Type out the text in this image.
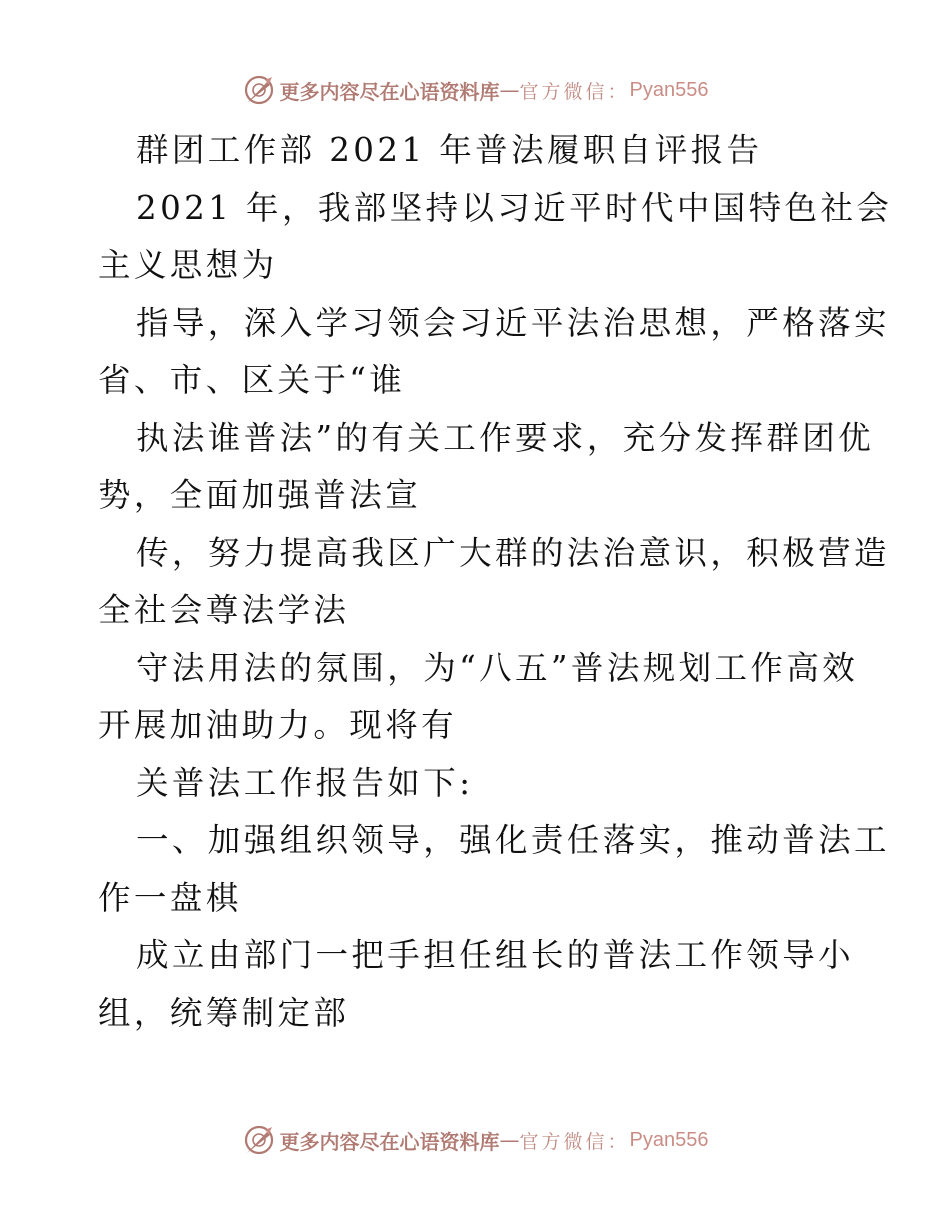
更多内容尽在心语资料库 — 官方微信： Pyan556
群团工作部 2021 年普法履职自评报告
2021 年，我部坚持以习近平时代中国特色社会
主义思想为
指导，深入学习领会习近平法治思想，严格落实
省、市、区关于“谁
执法谁普法”的有关工作要求，充分发挥群团优
势，全面加强普法宣
传，努力提高我区广大群的法治意识，积极营造
全社会尊法学法
守法用法的氛围，为“八五”普法规划工作高效
开展加油助力。现将有
关普法工作报告如下:
一、加强组织领导，强化责任落实，推动普法工
作一盘棋
成立由部门一把手担任组长的普法工作领导小
组，统筹制定部
更多内容尽在心语资料库 — 官方微信： Pyan556
